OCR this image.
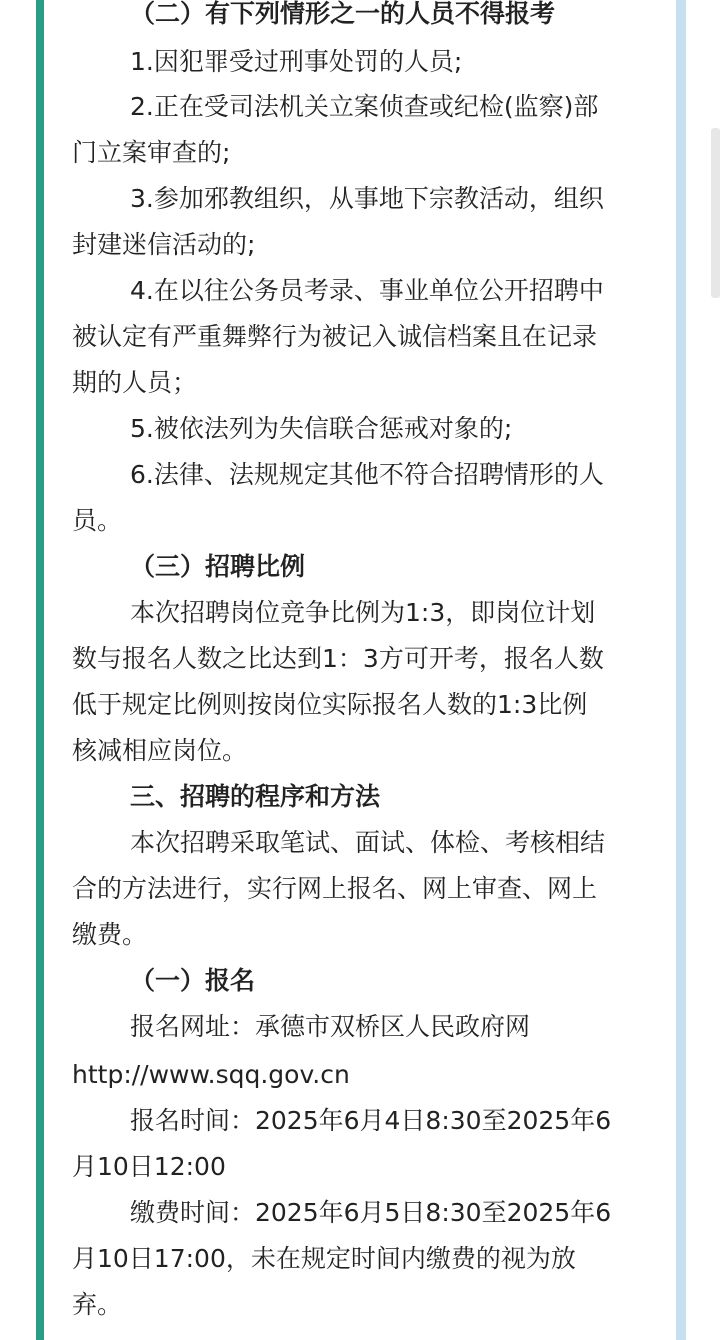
（二）有下列情形之一的人员不得报考
1.因犯罪受过刑事处罚的人员;
2.正在受司法机关立案侦查或纪检(监察)部
门立案审查的;
3.参加邪教组织，从事地下宗教活动，组织
封建迷信活动的;
4.在以往公务员考录、事业单位公开招聘中
被认定有严重舞弊行为被记入诚信档案且在记录
期的人员；
5.被依法列为失信联合惩戒对象的;
6.法律、法规规定其他不符合招聘情形的人
员。
（三）招聘比例
本次招聘岗位竞争比例为1:3，即岗位计划
数与报名人数之比达到1：3方可开考，报名人数
低于规定比例则按岗位实际报名人数的1:3比例
核减相应岗位。
三、招聘的程序和方法
本次招聘采取笔试、面试、体检、考核相结
合的方法进行，实行网上报名、网上审查、网上
缴费。
（一）报名
报名网址：承德市双桥区人民政府网
http://www.sqq.gov.cn
报名时间：2025年6月4日8:30至2025年6
月10日12:00
缴费时间：2025年6月5日8:30至2025年6
月10日17:00，未在规定时间内缴费的视为放
弃。
